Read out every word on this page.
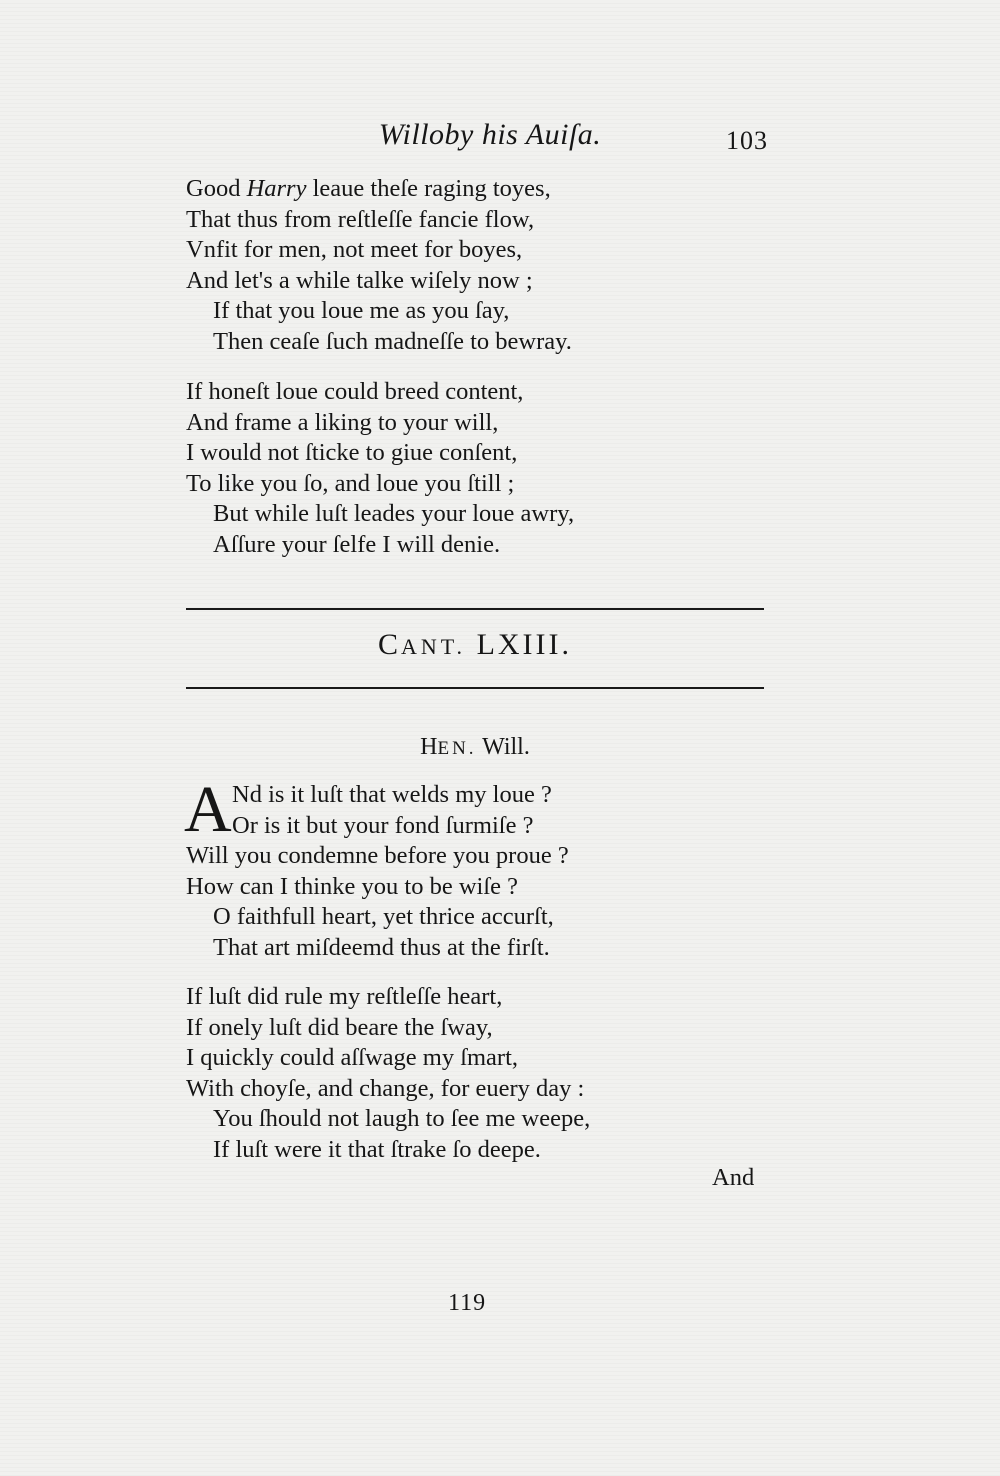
Willoby his Auiſa.	103
Good Harry leaue theſe raging toyes,
That thus from reſtleſſe fancie flow,
Vnfit for men, not meet for boyes,
And let's a while talke wiſely now ;
If that you loue me as you ſay,
Then ceaſe ſuch madneſſe to bewray.
If honeſt loue could breed content,
And frame a liking to your will,
I would not ſticke to giue conſent,
To like you ſo, and loue you ſtill ;
But while luſt leades your loue awry,
Aſſure your ſelfe I will denie.
CANT. LXIII.
HEN. Will.
A Nd is it luſt that welds my loue ?
Or is it but your fond ſurmiſe ?
Will you condemne before you proue ?
How can I thinke you to be wiſe ?
O faithfull heart, yet thrice accurſt,
That art miſdeemd thus at the firſt.
If luſt did rule my reſtleſſe heart,
If onely luſt did beare the ſway,
I quickly could aſſwage my ſmart,
With choyſe, and change, for euery day :
You ſhould not laugh to ſee me weepe,
If luſt were it that ſtrake ſo deepe.
And
119
